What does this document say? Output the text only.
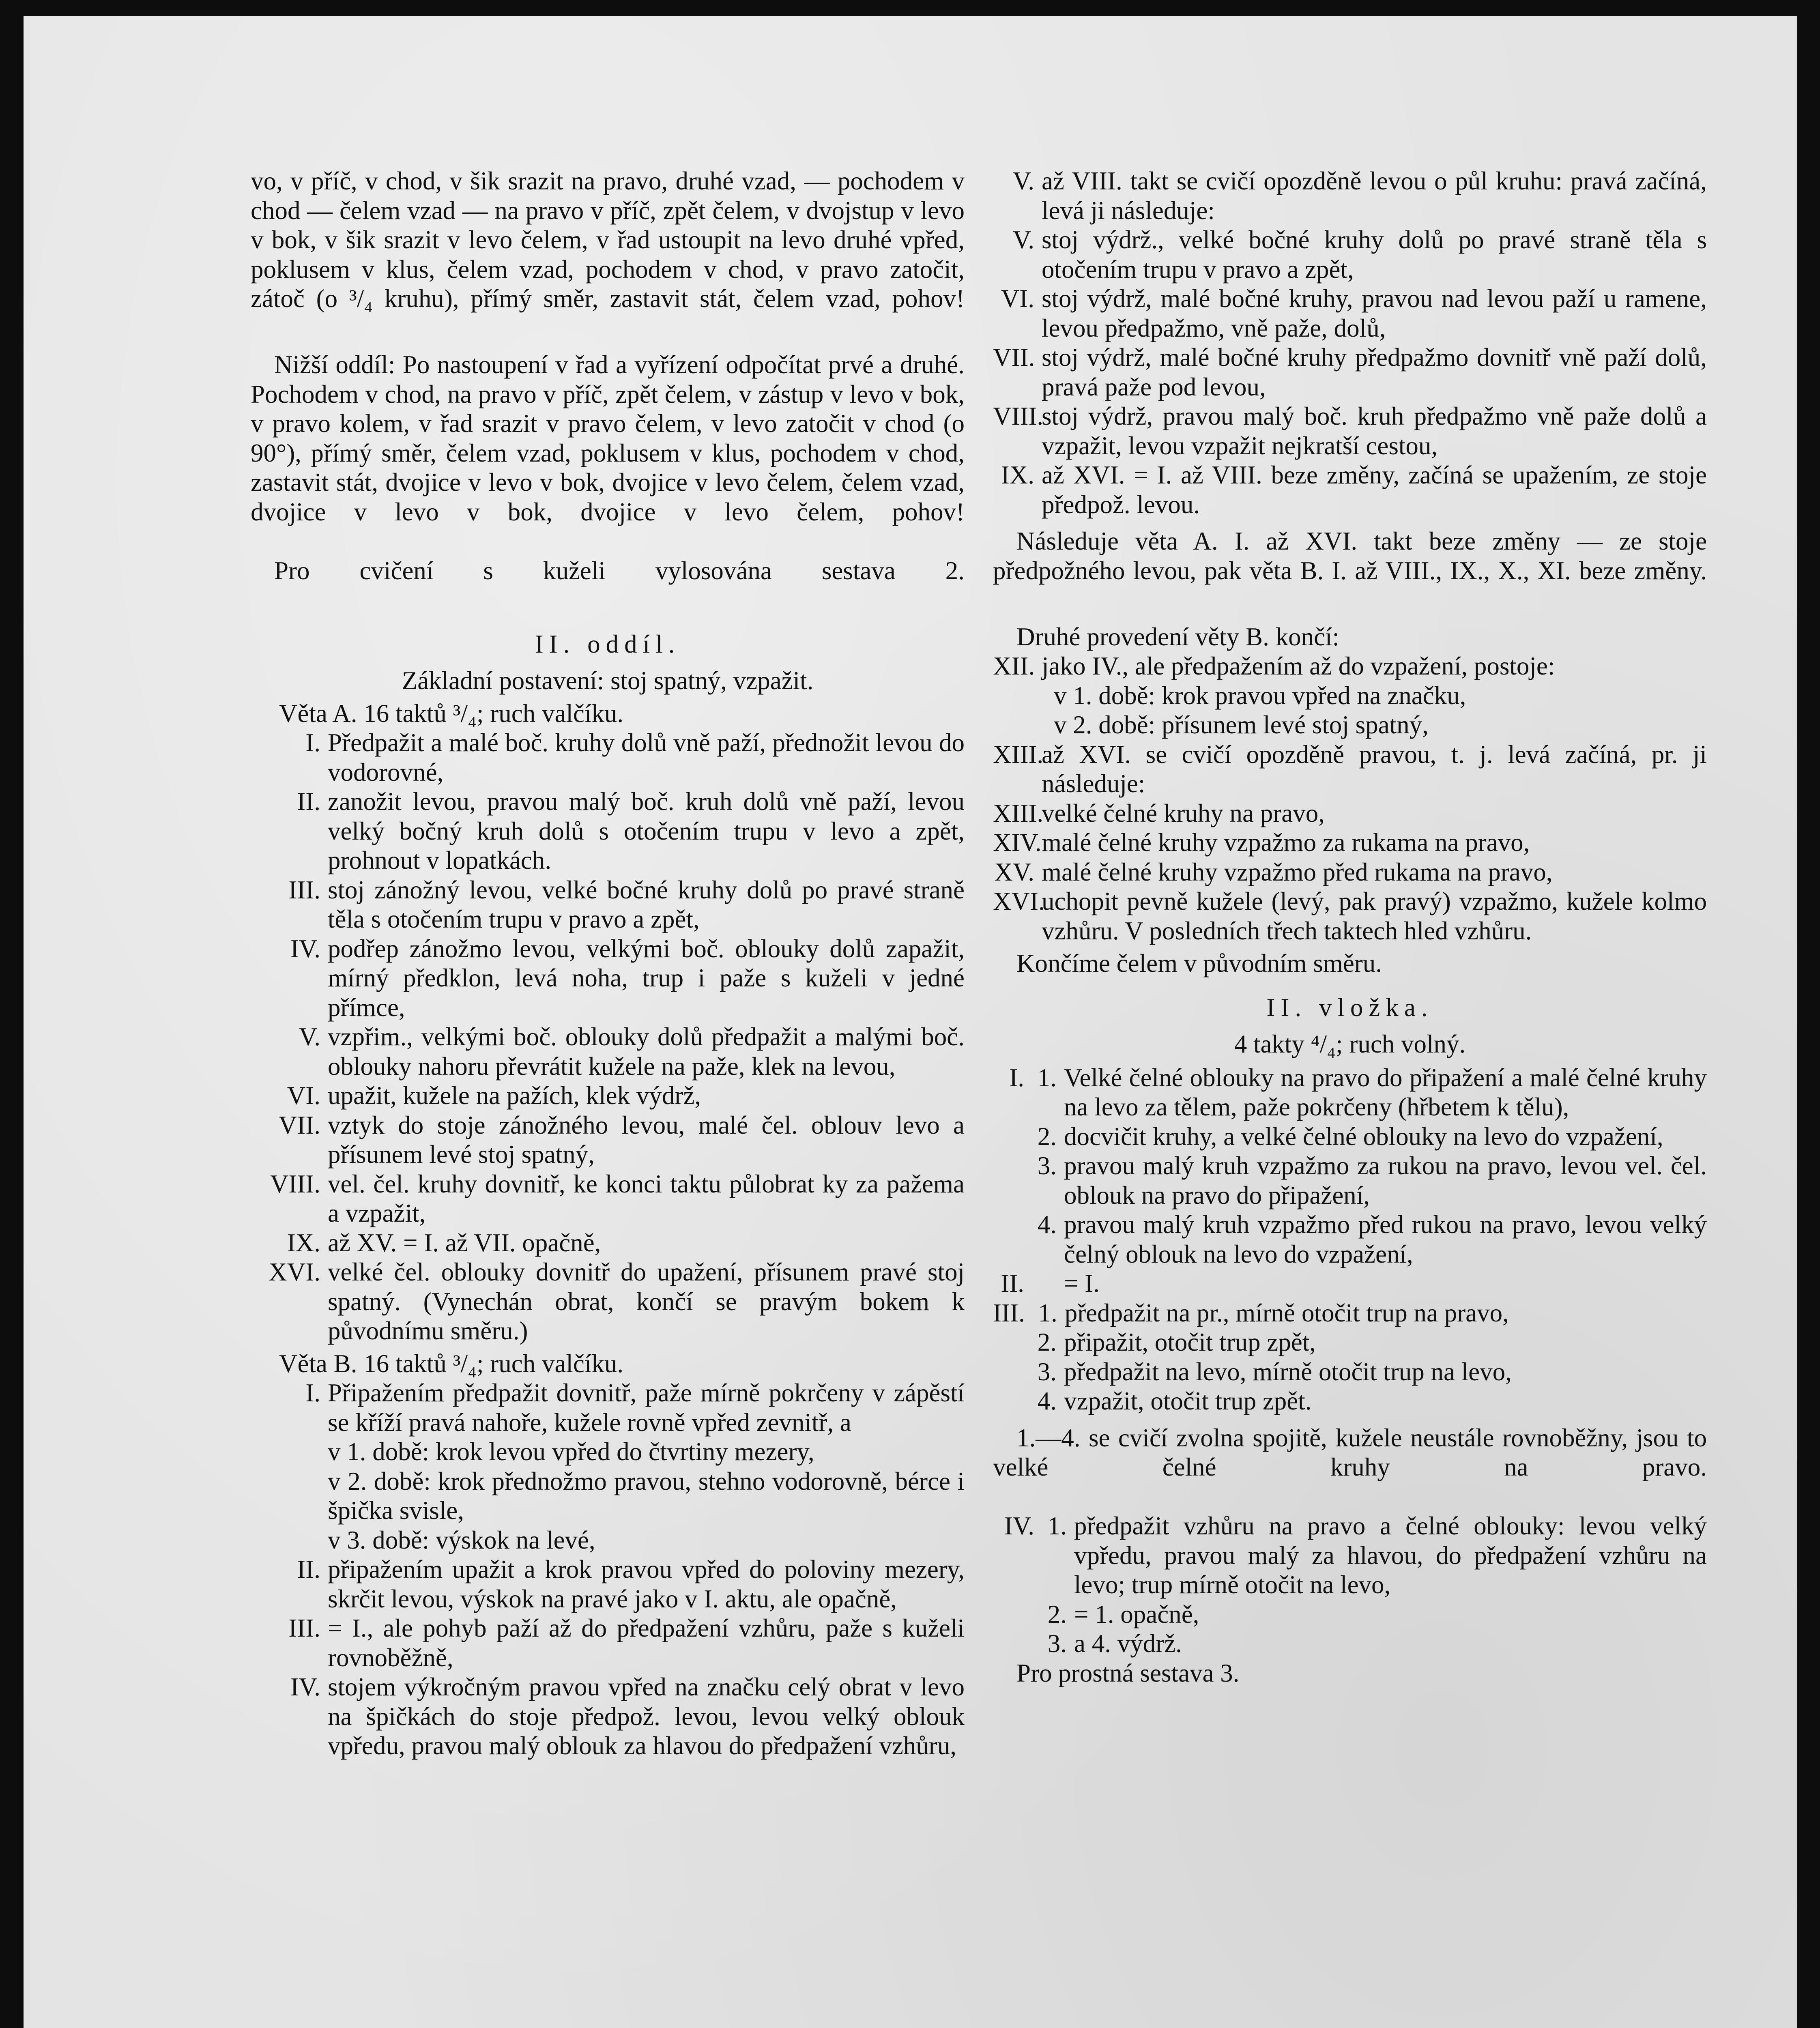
vo, v příč, v chod, v šik srazit na pravo, druhé vzad, — pochodem v chod — čelem vzad — na pravo v příč, zpět čelem, v dvojstup v levo v bok, v šik srazit v levo čelem, v řad ustoupit na levo druhé vpřed, poklusem v klus, čelem vzad, pochodem v chod, v pravo zatočit, zátoč (o ³/₄ kruhu), přímý směr, zastavit stát, čelem vzad, pohov!
Nižší oddíl: Po nastoupení v řad a vyřízení odpočítat prvé a druhé. Pochodem v chod, na pravo v příč, zpět čelem, v zástup v levo v bok, v pravo kolem, v řad srazit v pravo čelem, v levo zatočit v chod (o 90°), přímý směr, čelem vzad, poklusem v klus, pochodem v chod, zastavit stát, dvojice v levo v bok, dvojice v levo čelem, čelem vzad, dvojice v levo v bok, dvojice v levo čelem, pohov!
Pro cvičení s kuželi vylosována sestava 2.
II. oddíl.
Základní postavení: stoj spatný, vzpažit.
Věta A. 16 taktů ³/₄; ruch valčíku.
I. Předpažit a malé boč. kruhy dolů vně paží, přednožit levou do vodorovné,
II. zanožit levou, pravou malý boč. kruh dolů vně paží, levou velký bočný kruh dolů s otočením trupu v levo a zpět, prohnout v lopatkách.
III. stoj zánožný levou, velké bočné kruhy dolů po pravé straně těla s otočením trupu v pravo a zpět,
IV. podřep zánožmo levou, velkými boč. oblouky dolů zapažit, mírný předklon, levá noha, trup i paže s kuželi v jedné přímce,
V. vzpřim., velkými boč. oblouky dolů předpažit a malými boč. oblouky nahoru převrátit kužele na paže, klek na levou,
VI. upažit, kužele na pažích, klek výdrž,
VII. vztyk do stoje zánožného levou, malé čel. oblouv levo a přísunem levé stoj spatný,
VIII. vel. čel. kruhy dovnitř, ke konci taktu půlobrat ky za pažema a vzpažit,
IX. až XV. = I. až VII. opačně,
XVI. velké čel. oblouky dovnitř do upažení, přísunem pravé stoj spatný. (Vynechán obrat, končí se pravým bokem k původnímu směru.)
Věta B. 16 taktů ³/₄; ruch valčíku.
I. Připažením předpažit dovnitř, paže mírně pokrčeny v zápěstí se kříží pravá nahoře, kužele rovně vpřed zevnitř, a
v 1. době: krok levou vpřed do čtvrtiny mezery,
v 2. době: krok přednožmo pravou, stehno vodorovně, bérce i špička svisle,
v 3. době: výskok na levé,
II. připažením upažit a krok pravou vpřed do poloviny mezery, skrčit levou, výskok na pravé jako v I. aktu, ale opačně,
III. = I., ale pohyb paží až do předpažení vzhůru, paže s kuželi rovnoběžně,
IV. stojem výkročným pravou vpřed na značku celý obrat v levo na špičkách do stoje předpož. levou, levou velký oblouk vpředu, pravou malý oblouk za hlavou do předpažení vzhůru,
V. až VIII. takt se cvičí opozděně levou o půl kruhu: pravá začíná, levá ji následuje:
V. stoj výdrž., velké bočné kruhy dolů po pravé straně těla s otočením trupu v pravo a zpět,
VI. stoj výdrž, malé bočné kruhy, pravou nad levou paží u ramene, levou předpažmo, vně paže, dolů,
VII. stoj výdrž, malé bočné kruhy předpažmo dovnitř vně paží dolů, pravá paže pod levou,
VIII.
stoj výdrž, pravou malý boč. kruh předpažmo vně paže dolů a vzpažit, levou vzpažit nejkratší cestou,
IX. až XVI. = I. až VIII. beze změny, začíná se upažením, ze stoje předpož. levou.
Následuje věta A. I. až XVI. takt beze změny — ze stoje předpožného levou, pak věta B. I. až VIII., IX., X., XI. beze změny.
Druhé provedení věty B. končí:
XII. jako IV., ale předpažením až do vzpažení, postoje:
v 1. době: krok pravou vpřed na značku,
v 2. době: přísunem levé stoj spatný,
XIII.
až XVI. se cvičí opozděně pravou, t. j. levá začíná, pr. ji následuje:
XIII.
velké čelné kruhy na pravo,
XIV. malé čelné kruhy vzpažmo za rukama na pravo,
XV. malé čelné kruhy vzpažmo před rukama na pravo,
XVI.
uchopit pevně kužele (levý, pak pravý) vzpažmo, kužele kolmo vzhůru. V posledních třech taktech hled vzhůru.
Končíme čelem v původním směru.
II. vložka.
4 takty ⁴/₄; ruch volný.
I. 1. Velké čelné oblouky na pravo do připažení a malé čelné kruhy na levo za tělem, paže pokrčeny (hřbetem k tělu),
2. docvičit kruhy, a velké čelné oblouky na levo do vzpažení,
3. pravou malý kruh vzpažmo za rukou na pravo, levou vel. čel. oblouk na pravo do připažení,
4. pravou malý kruh vzpažmo před rukou na pravo, levou velký čelný oblouk na levo do vzpažení,
II. = I.
III. 1. předpažit na pr., mírně otočit trup na pravo,
2. připažit, otočit trup zpět,
3. předpažit na levo, mírně otočit trup na levo,
4. vzpažit, otočit trup zpět.
1.—4. se cvičí zvolna spojitě, kužele neustále rovnoběžny, jsou to velké čelné kruhy na pravo.
IV. 1. předpažit vzhůru na pravo a čelné oblouky: levou velký vpředu, pravou malý za hlavou, do předpažení vzhůru na levo; trup mírně otočit na levo,
2. = 1. opačně,
3. a 4. výdrž.
Pro prostná sestava 3.
